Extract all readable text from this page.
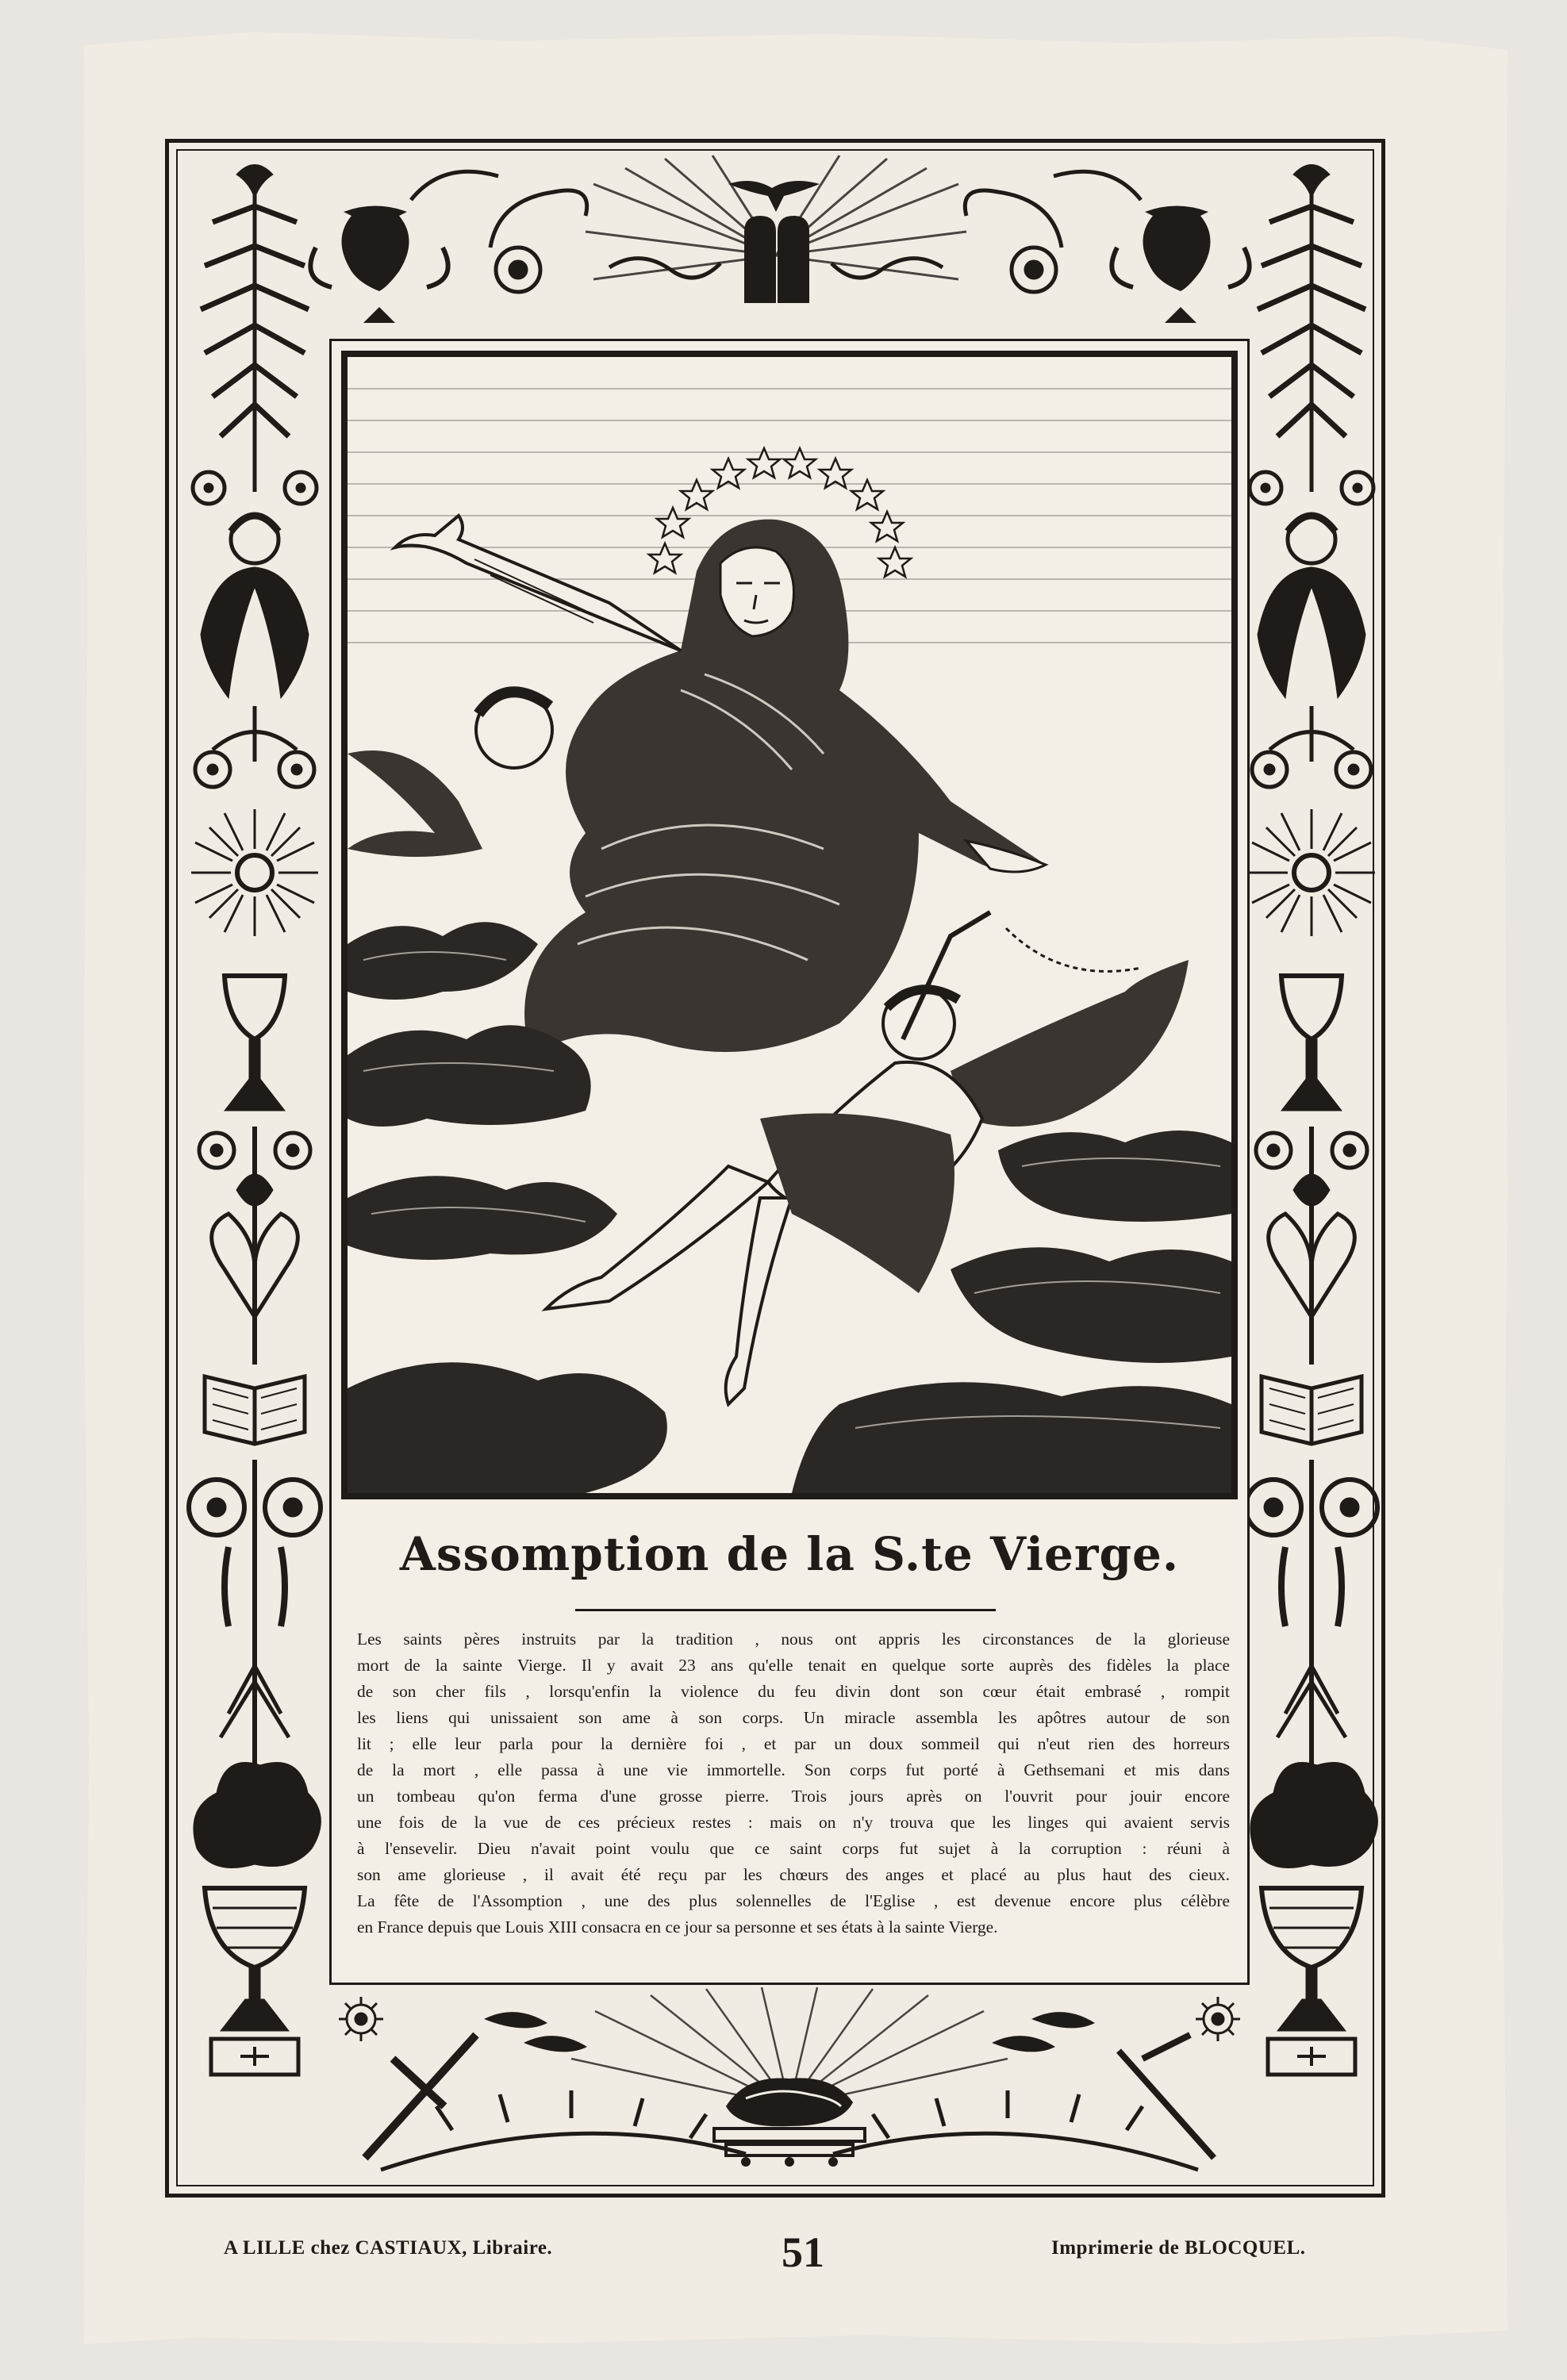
Assomption de la S.te Vierge.
Les saints pères instruits par la tradition , nous ont appris les circonstances de la glorieuse
mort de la sainte Vierge. Il y avait 23 ans qu'elle tenait en quelque sorte auprès des fidèles la place
de son cher fils , lorsqu'enfin la violence du feu divin dont son cœur était embrasé , rompit
les liens qui unissaient son ame à son corps. Un miracle assembla les apôtres autour de son
lit ; elle leur parla pour la dernière foi , et par un doux sommeil qui n'eut rien des horreurs
de la mort , elle passa à une vie immortelle. Son corps fut porté à Gethsemani et mis dans
un tombeau qu'on ferma d'une grosse pierre. Trois jours après on l'ouvrit pour jouir encore
une fois de la vue de ces précieux restes : mais on n'y trouva que les linges qui avaient servis
à l'ensevelir. Dieu n'avait point voulu que ce saint corps fut sujet à la corruption : réuni à
son ame glorieuse , il avait été reçu par les chœurs des anges et placé au plus haut des cieux.
La fête de l'Assomption , une des plus solennelles de l'Eglise , est devenue encore plus célèbre
en France depuis que Louis XIII consacra en ce jour sa personne et ses états à la sainte Vierge.
A LILLE chez CASTIAUX, Libraire.	51	Imprimerie de BLOCQUEL.
